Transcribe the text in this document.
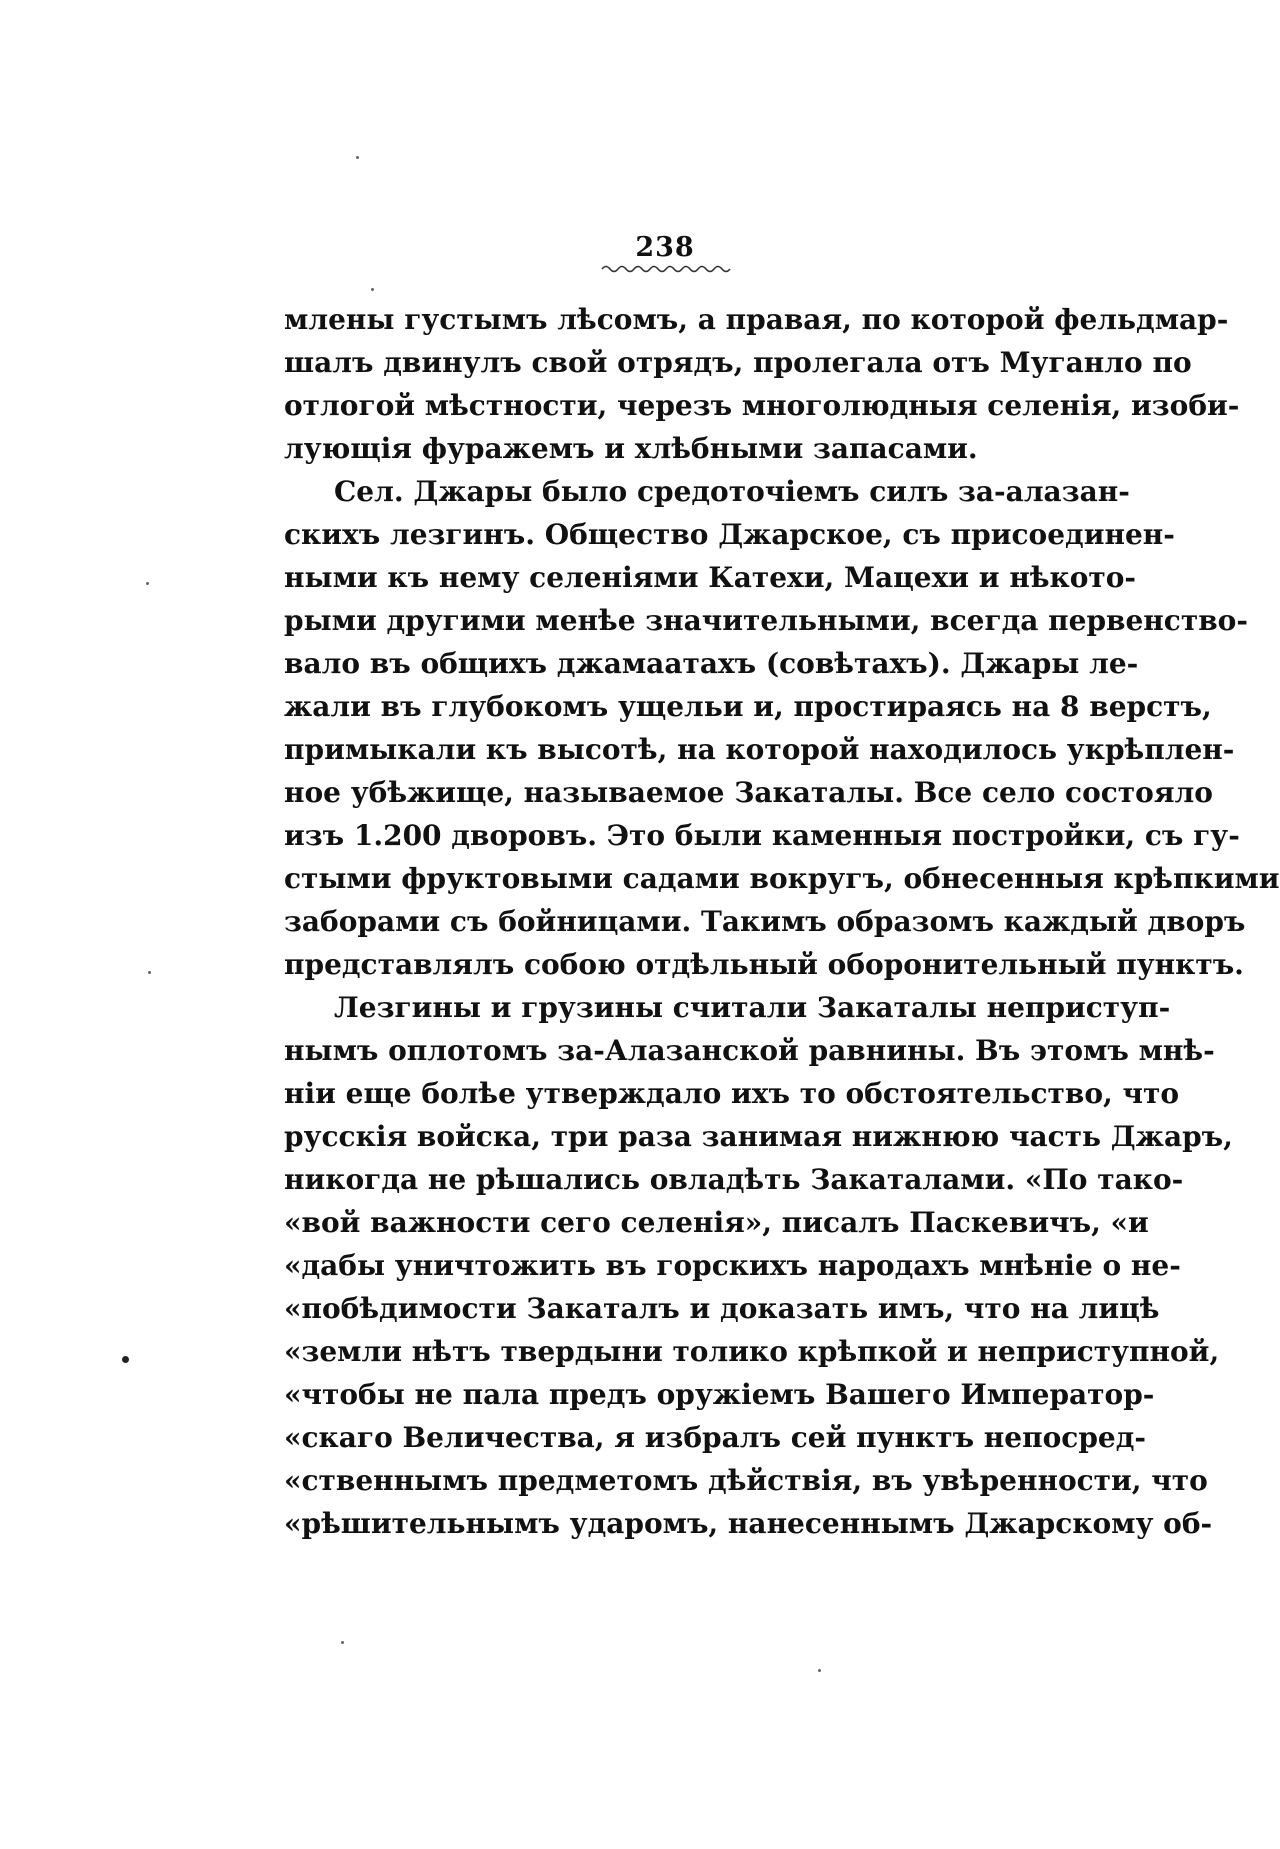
238
млены густымъ лѣсомъ, а правая, по которой фельдмар-
шалъ двинулъ свой отрядъ, пролегала отъ Муганло по
отлогой мѣстности, черезъ многолюдныя селенія, изоби-
лующія фуражемъ и хлѣбными запасами.
Сел. Джары было средоточіемъ силъ за-алазан-
скихъ лезгинъ. Общество Джарское, съ присоединен-
ными къ нему селеніями Катехи, Мацехи и нѣкото-
рыми другими менѣе значительными, всегда первенство-
вало въ общихъ джамаатахъ (совѣтахъ). Джары ле-
жали въ глубокомъ ущельи и, простираясь на 8 верстъ,
примыкали къ высотѣ, на которой находилось укрѣплен-
ное убѣжище, называемое Закаталы. Все село состояло
изъ 1.200 дворовъ. Это были каменныя постройки, съ гу-
стыми фруктовыми садами вокругъ, обнесенныя крѣпкими
заборами съ бойницами. Такимъ образомъ каждый дворъ
представлялъ собою отдѣльный оборонительный пунктъ.
Лезгины и грузины считали Закаталы неприступ-
нымъ оплотомъ за-Алазанской равнины. Въ этомъ мнѣ-
ніи еще болѣе утверждало ихъ то обстоятельство, что
русскія войска, три раза занимая нижнюю часть Джаръ,
никогда не рѣшались овладѣть Закаталами. «По тако-
«вой важности сего селенія», писалъ Паскевичъ, «и
«дабы уничтожить въ горскихъ народахъ мнѣніе о не-
«побѣдимости Закаталъ и доказать имъ, что на лицѣ
«земли нѣтъ твердыни толико крѣпкой и неприступной,
«чтобы не пала предъ оружіемъ Вашего Император-
«скаго Величества, я избралъ сей пунктъ непосред-
«ственнымъ предметомъ дѣйствія, въ увѣренности, что
«рѣшительнымъ ударомъ, нанесеннымъ Джарскому об-
